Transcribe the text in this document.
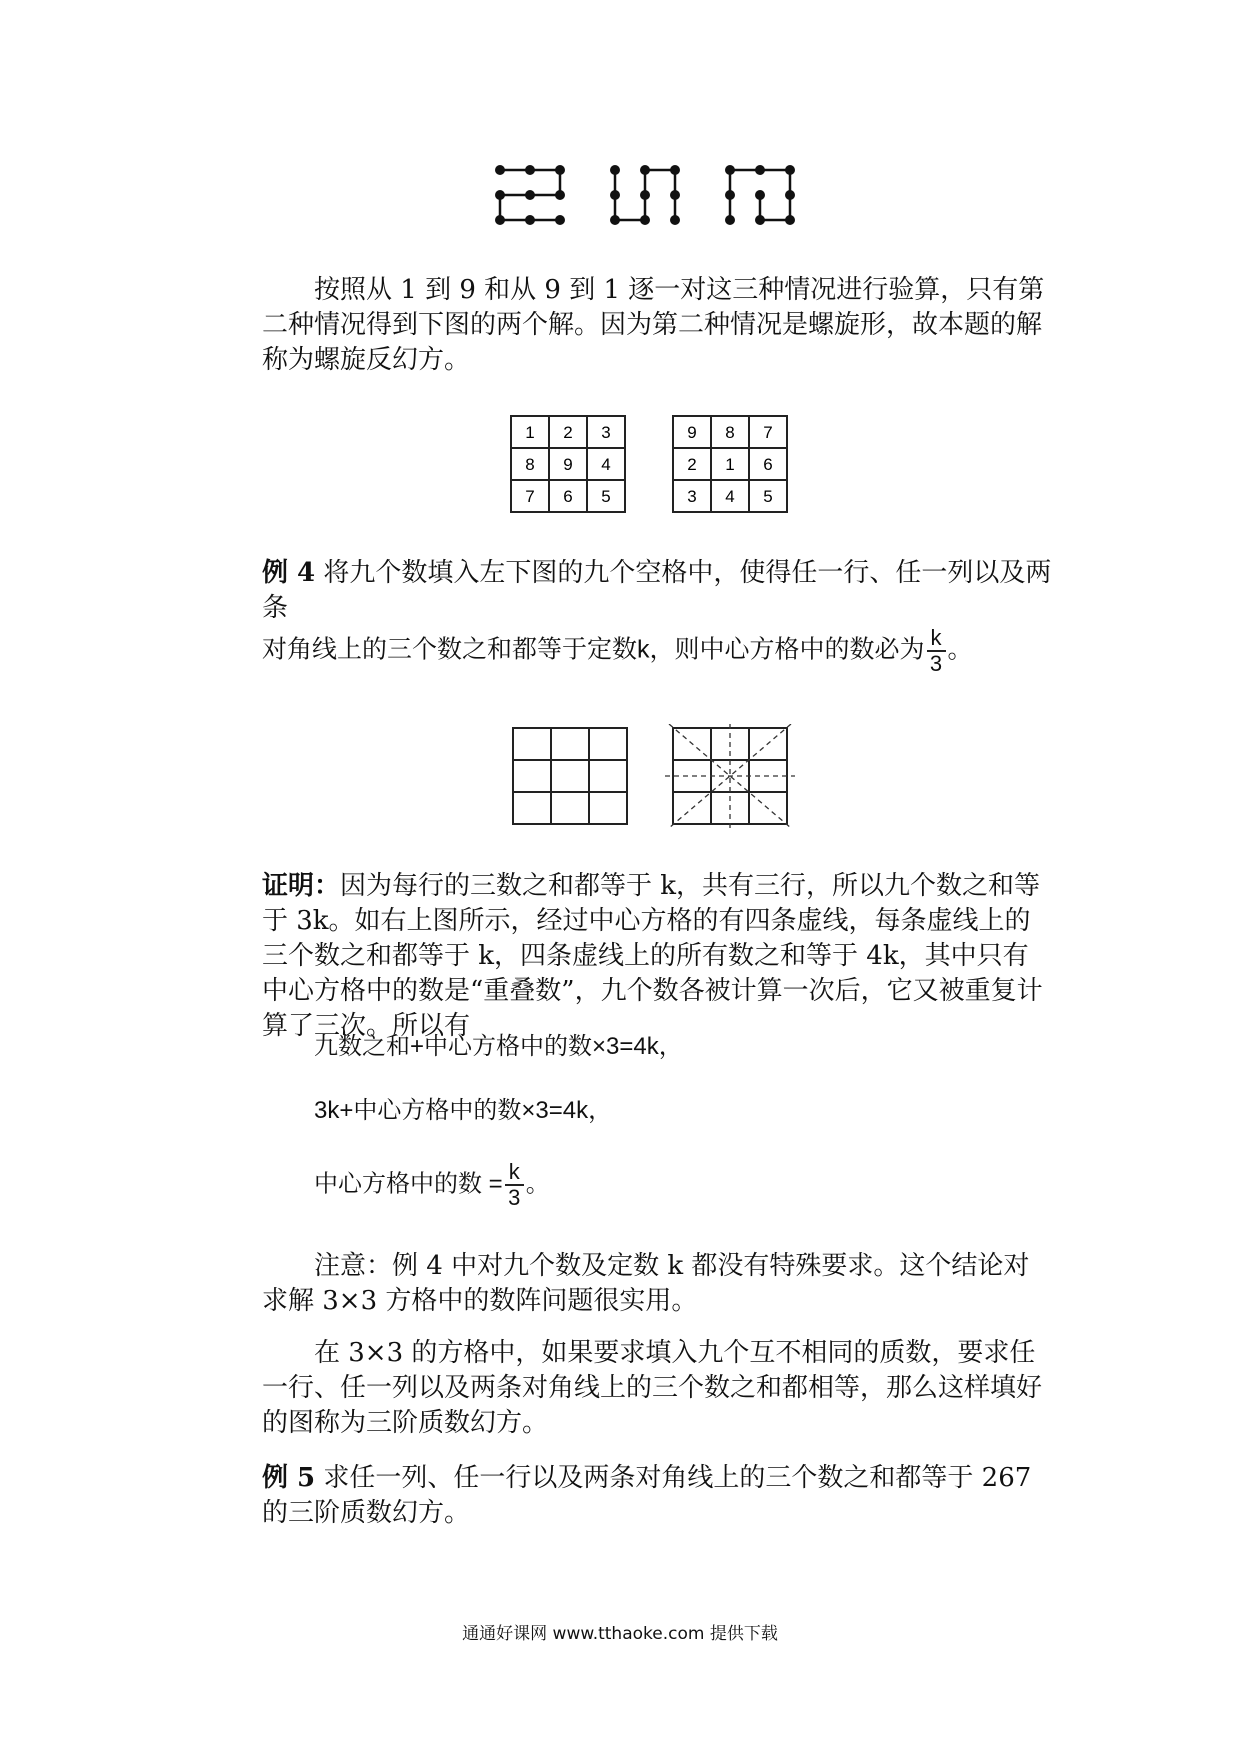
按照从 1 到 9 和从 9 到 1 逐一对这三种情况进行验算，只有第二种情况得到下图的两个解。因为第二种情况是螺旋形，故本题的解称为螺旋反幻方。

1 2 3
8 9 4
7 6 5
9 8 7
2 1 6
3 4 5

例 4 将九个数填入左下图的九个空格中，使得任一行、任一列以及两条

对角线上的三个数之和都等于定数k，则中心方格中的数必为 $\frac{k}{3}$ 。

证明：因为每行的三数之和都等于 k，共有三行，所以九个数之和等于 3k。如右上图所示，经过中心方格的有四条虚线，每条虚线上的三个数之和都等于 k，四条虚线上的所有数之和等于 4k，其中只有中心方格中的数是“重叠数”，九个数各被计算一次后，它又被重复计算了三次。所以有

九数之和+中心方格中的数×3=4k，

3k+中心方格中的数×3=4k，

中心方格中的数 = $\frac{k}{3}$ 。

注意：例 4 中对九个数及定数 k 都没有特殊要求。这个结论对求解 3×3 方格中的数阵问题很实用。

在 3×3 的方格中，如果要求填入九个互不相同的质数，要求任一行、任一列以及两条对角线上的三个数之和都相等，那么这样填好的图称为三阶质数幻方。

例 5 求任一列、任一行以及两条对角线上的三个数之和都等于 267 的三阶质数幻方。

通通好课网 www.tthaoke.com 提供下载
